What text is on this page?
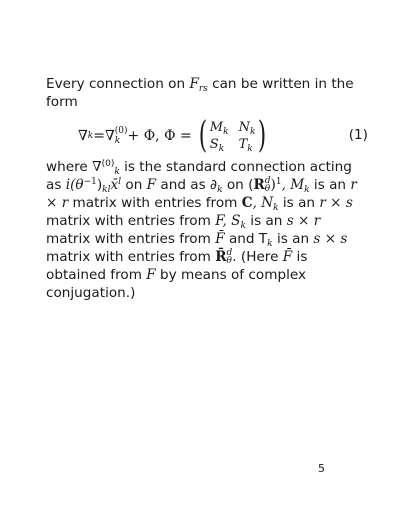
Every connection on $F_{rs}$ can be written in the form
∇ k = ∇ (0)
k + Φ, Φ = ( $M_k$ $N_k$
$S_k$	$T_k$ )	(1)
where ∇$^{(0)}_k$ is the standard connection acting as $i(\theta^{-1})_{kl}x̄^l$ on F and as $\partial_k$ on (R d
θ )$^1$, $M_k$ is an r × r matrix with entries from C, $N_k$ is an r × s matrix with entries from F, $S_k$ is an s × r matrix with entries from F̄ and $T_k$ is an s × s matrix with entries from R̄ d
θ . (Here F̄ is obtained from F by means of complex conjugation.)
5
